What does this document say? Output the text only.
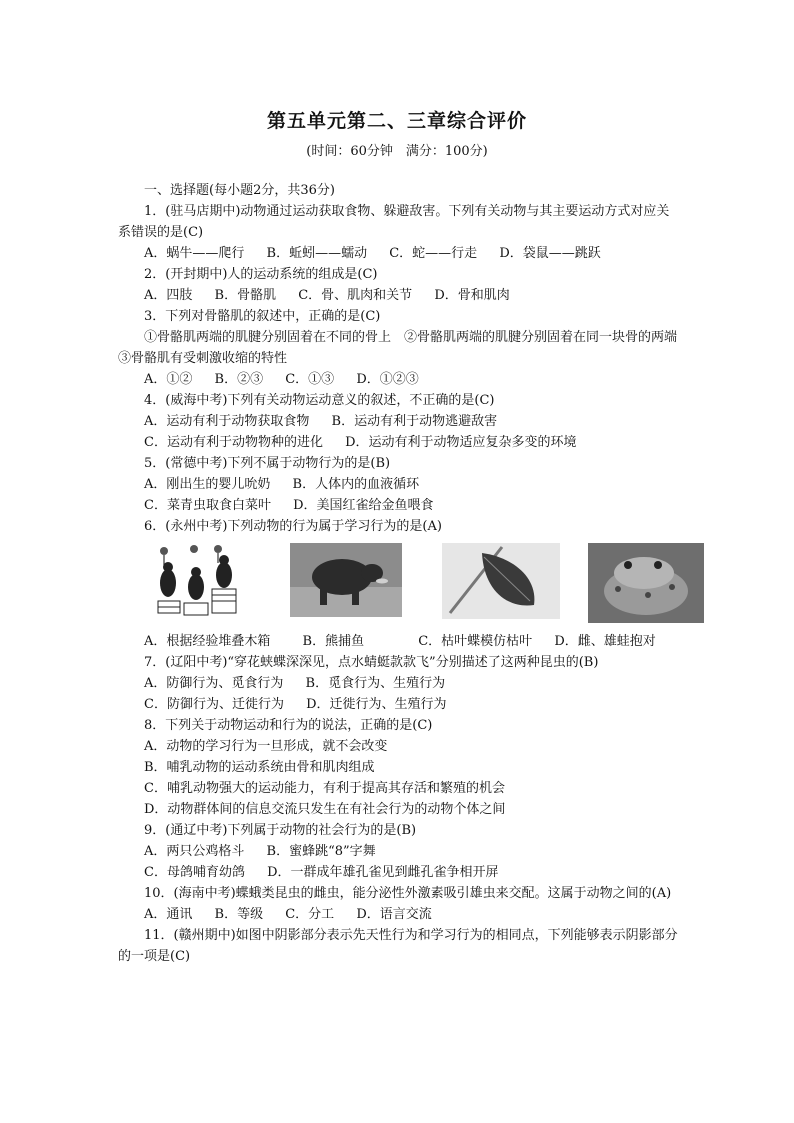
第五单元第二、三章综合评价
(时间：60分钟　满分：100分)
一、选择题(每小题2分，共36分)
1．(驻马店期中)动物通过运动获取食物、躲避敌害。下列有关动物与其主要运动方式对应关系错误的是(C)
A．蜗牛——爬行 B．蚯蚓——蠕动 C．蛇——行走 D．袋鼠——跳跃
2．(开封期中)人的运动系统的组成是(C)
A．四肢 B．骨骼肌 C．骨、肌肉和关节 D．骨和肌肉
3．下列对骨骼肌的叙述中，正确的是(C)
①骨骼肌两端的肌腱分别固着在不同的骨上　②骨骼肌两端的肌腱分别固着在同一块骨的两端　③骨骼肌有受刺激收缩的特性
A．①② B．②③ C．①③ D．①②③
4．(威海中考)下列有关动物运动意义的叙述，不正确的是(C)
A．运动有利于动物获取食物 B．运动有利于动物逃避敌害
C．运动有利于动物物种的进化 D．运动有利于动物适应复杂多变的环境
5．(常德中考)下列不属于动物行为的是(B)
A．刚出生的婴儿吮奶 B．人体内的血液循环
C．菜青虫取食白菜叶 D．美国红雀给金鱼喂食
6．(永州中考)下列动物的行为属于学习行为的是(A)
A．根据经验堆叠木箱 B．熊捕鱼	C．枯叶蝶模仿枯叶 D．雌、雄蛙抱对
7．(辽阳中考)“穿花蛱蝶深深见，点水蜻蜓款款飞”分别描述了这两种昆虫的(B)
A．防御行为、觅食行为 B．觅食行为、生殖行为
C．防御行为、迁徙行为 D．迁徙行为、生殖行为
8．下列关于动物运动和行为的说法，正确的是(C)
A．动物的学习行为一旦形成，就不会改变
B．哺乳动物的运动系统由骨和肌肉组成
C．哺乳动物强大的运动能力，有利于提高其存活和繁殖的机会
D．动物群体间的信息交流只发生在有社会行为的动物个体之间
9．(通辽中考)下列属于动物的社会行为的是(B)
A．两只公鸡格斗 B．蜜蜂跳“8”字舞
C．母鸽哺育幼鸽 D．一群成年雄孔雀见到雌孔雀争相开屏
10．(海南中考)蝶蛾类昆虫的雌虫，能分泌性外激素吸引雄虫来交配。这属于动物之间的(A)
A．通讯 B．等级 C．分工 D．语言交流
11．(赣州期中)如图中阴影部分表示先天性行为和学习行为的相同点，下列能够表示阴影部分的一项是(C)
